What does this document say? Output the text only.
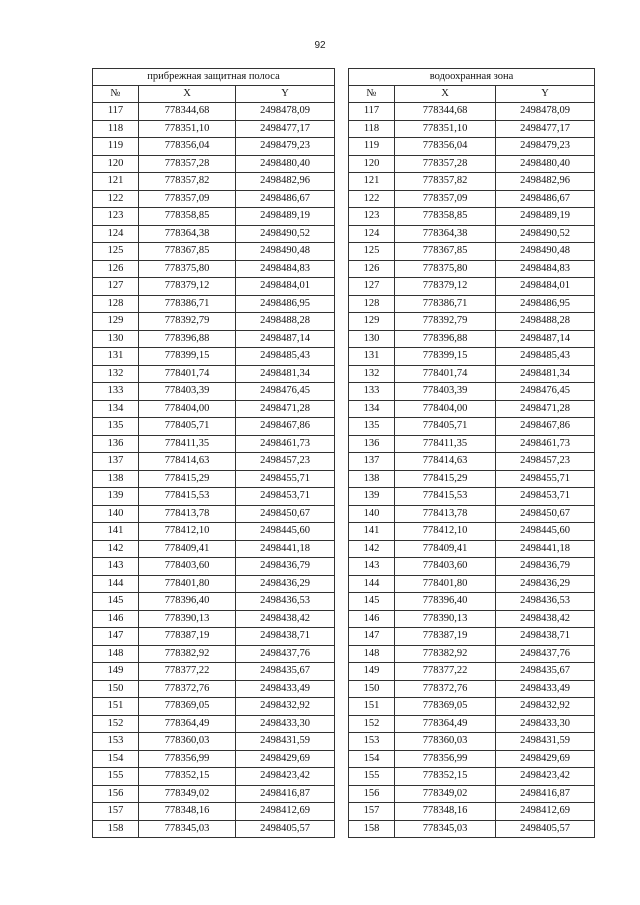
92
прибрежная защитная полоса				водоохранная зона		
№	X	Y		№	X	Y
117	778344,68	2498478,09		117	778344,68	2498478,09
118	778351,10	2498477,17		118	778351,10	2498477,17
119	778356,04	2498479,23		119	778356,04	2498479,23
120	778357,28	2498480,40		120	778357,28	2498480,40
121	778357,82	2498482,96		121	778357,82	2498482,96
122	778357,09	2498486,67		122	778357,09	2498486,67
123	778358,85	2498489,19		123	778358,85	2498489,19
124	778364,38	2498490,52		124	778364,38	2498490,52
125	778367,85	2498490,48		125	778367,85	2498490,48
126	778375,80	2498484,83		126	778375,80	2498484,83
127	778379,12	2498484,01		127	778379,12	2498484,01
128	778386,71	2498486,95		128	778386,71	2498486,95
129	778392,79	2498488,28		129	778392,79	2498488,28
130	778396,88	2498487,14		130	778396,88	2498487,14
131	778399,15	2498485,43		131	778399,15	2498485,43
132	778401,74	2498481,34		132	778401,74	2498481,34
133	778403,39	2498476,45		133	778403,39	2498476,45
134	778404,00	2498471,28		134	778404,00	2498471,28
135	778405,71	2498467,86		135	778405,71	2498467,86
136	778411,35	2498461,73		136	778411,35	2498461,73
137	778414,63	2498457,23		137	778414,63	2498457,23
138	778415,29	2498455,71		138	778415,29	2498455,71
139	778415,53	2498453,71		139	778415,53	2498453,71
140	778413,78	2498450,67		140	778413,78	2498450,67
141	778412,10	2498445,60		141	778412,10	2498445,60
142	778409,41	2498441,18		142	778409,41	2498441,18
143	778403,60	2498436,79		143	778403,60	2498436,79
144	778401,80	2498436,29		144	778401,80	2498436,29
145	778396,40	2498436,53		145	778396,40	2498436,53
146	778390,13	2498438,42		146	778390,13	2498438,42
147	778387,19	2498438,71		147	778387,19	2498438,71
148	778382,92	2498437,76		148	778382,92	2498437,76
149	778377,22	2498435,67		149	778377,22	2498435,67
150	778372,76	2498433,49		150	778372,76	2498433,49
151	778369,05	2498432,92		151	778369,05	2498432,92
152	778364,49	2498433,30		152	778364,49	2498433,30
153	778360,03	2498431,59		153	778360,03	2498431,59
154	778356,99	2498429,69		154	778356,99	2498429,69
155	778352,15	2498423,42		155	778352,15	2498423,42
156	778349,02	2498416,87		156	778349,02	2498416,87
157	778348,16	2498412,69		157	778348,16	2498412,69
158	778345,03	2498405,57		158	778345,03	2498405,57
